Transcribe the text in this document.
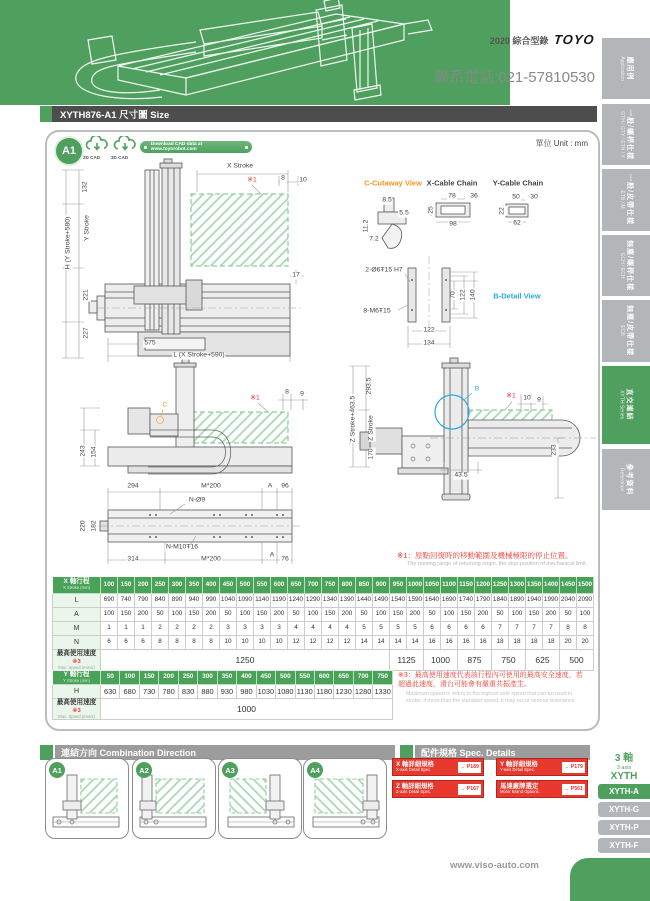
2020 綜合型錄 TOYO
聯系電話:021-57810530
XYTH876-A1 尺寸圖 Size
A1
2D CAD 3D CAD
Download CAD data at www.toyorobot.com
單位 Unit : mm
X Stroke
※1	8 10
132
Y Stroke
H (Y Stroke+580)
221
227
17
575
L (X Stroke+590)
C-Cutaway View X-Cable Chain Y-Cable Chain
8.5
5.5
11.2
7.2
78 36
25
98
50 30
22
62
2-Ø6Ŧ15 H7
8-M6Ŧ15
70 122 140 B-Detail View
122
134
C
※1
8 9
243 154
294	M*200	A 96
N-Ø9
220 182
N-M10Ŧ16
314	M*200
A
76
293.5
Z Stroke+463.5 Z Stroke
170
B
※1 10 9
233
43.5
※1：原點回復時的移動範圍及機械極限的停止位置。
The moving range of returning origin, the stop position of mechanical limit.
X 軸行程
X Stroke (mm)	100	150	200	250	300	350	400	450	500	550	600	650	700	750	800	850	900	950	1000	1050	1100	1150	1200	1250	1300	1350	1400	1450	1500
L	690	740	790	840	890	940	990	1040	1090	1140	1190	1240	1290	1340	1390	1440	1490	1540	1590	1640	1690	1740	1790	1840	1890	1940	1990	2040	2090
A	100	150	200	50	100	150	200	50	100	150	200	50	100	150	200	50	100	150	200	50	100	150	200	50	100	150	200	50	100
M	1	1	1	2	2	2	2	3	3	3	3	4	4	4	4	5	5	5	5	6	6	6	6	7	7	7	7	8	8
N	6	6	6	8	8	8	8	10	10	10	10	12	12	12	12	14	14	14	14	16	16	16	16	18	18	18	18	20	20
最高使用速度 ※3
Max. Speed (mm/s)	1250																	1125		1000		875		750		625		500	
Y 軸行程
Y Stroke (mm)	50	100	150	200	250	300	350	400	450	500	550	600	650	700	750
H	630	680	730	780	830	880	930	980	1030	1080	1130	1180	1230	1280	1330
最高使用速度 ※3
Max. Speed (mm/s)	1000														
※3：最高使用速度代表該行程內可使用的最高安全速度，若超過此速度，滑台可能會有嚴重共振產生。
Maximum speed is refers to the highest safe speed that can be used in stroke, if more than the standard speed, it may occur serious resonance.
連結方向 Combination Direction	配件規格 Spec. Details
A1	A2	A3	A4
X 軸詳細規格
X-axis Detail Spec.	→ P189	Y 軸詳細規格
Y-axis Detail Spec.	→ P179
Z 軸詳細規格
Z-axis Detail Spec.	→ P167	馬達廠牌選定
Motor Brand Options.	→ P561
3 軸
3 axis
XYTH
XYTH-A
XYTH-G
XYTH-P
XYTH-F
應用例
Application
一般/螺桿仕樣
GTH / GTY / ETH / Y
一般/皮帶仕樣
ETB / M
無塵/螺桿仕樣
GCH / ECH
無塵/皮帶仕樣
ECB
直交連結
XYTH Series
參考資料
Reference
www.viso-auto.com
